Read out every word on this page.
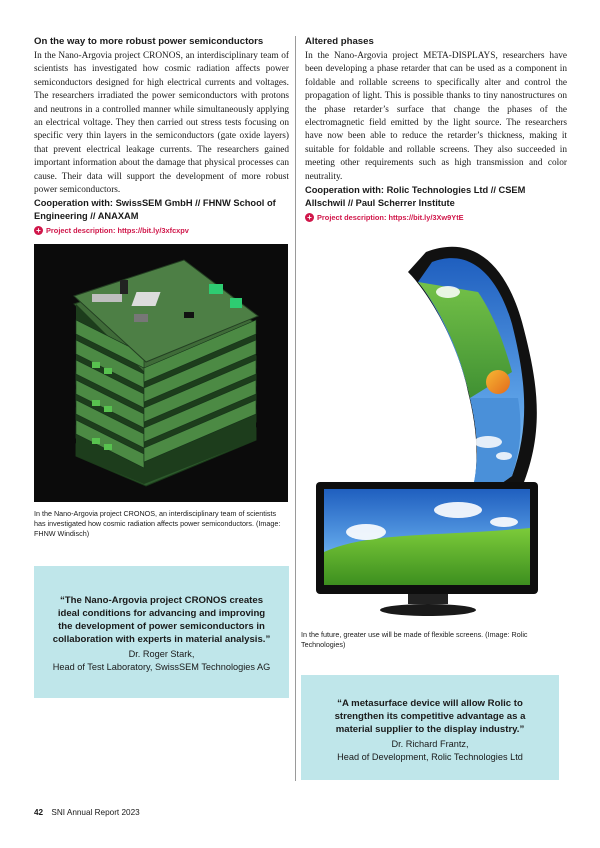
On the way to more robust power semiconductors

In the Nano-Argovia project CRONOS, an interdisciplinary team of scientists has investigated how cosmic radiation affects power semiconductors designed for high electrical currents and voltages. The researchers irradiated the power semiconductors with protons and neutrons in a controlled manner while simultaneously applying an electrical voltage. They then carried out stress tests focusing on specific very thin layers in the semiconductors (gate oxide layers) that prevent electrical leakage currents. The researchers gained important information about the damage that physical processes can cause. Their data will support the development of more robust power semiconductors.

Cooperation with: SwissSEM GmbH // FHNW School of Engineering // ANAXAM

+ Project description: https://bit.ly/3xfcxpv
In the Nano-Argovia project CRONOS, an interdisciplinary team of scientists has investigated how cosmic radiation affects power semiconductors. (Image: FHNW Windisch)

“The Nano-Argovia project CRONOS creates ideal conditions for advancing and improving the development of power semiconductors in collaboration with experts in material analysis.”

Dr. Roger Stark,

Head of Test Laboratory, SwissSEM Technologies AG

Altered phases

In the Nano-Argovia project META-DISPLAYS, researchers have been developing a phase retarder that can be used as a component in foldable and rollable screens to specifically alter and control the propagation of light. This is possible thanks to tiny nanostructures on the phase retarder’s surface that change the phases of the electromagnetic field emitted by the light source. The researchers have now been able to reduce the retarder’s thickness, making it suitable for foldable and rollable screens. They also succeeded in meeting other requirements such as high transmission and color neutrality.

Cooperation with: Rolic Technologies Ltd // CSEM Allschwil // Paul Scherrer Institute

+ Project description: https://bit.ly/3Xw9YtE
In the future, greater use will be made of flexible screens. (Image: Rolic Technologies)

“A metasurface device will allow Rolic to strengthen its competitive advantage as a material supplier to the display industry.”

Dr. Richard Frantz,

Head of Development, Rolic Technologies Ltd

42 SNI Annual Report 2023
